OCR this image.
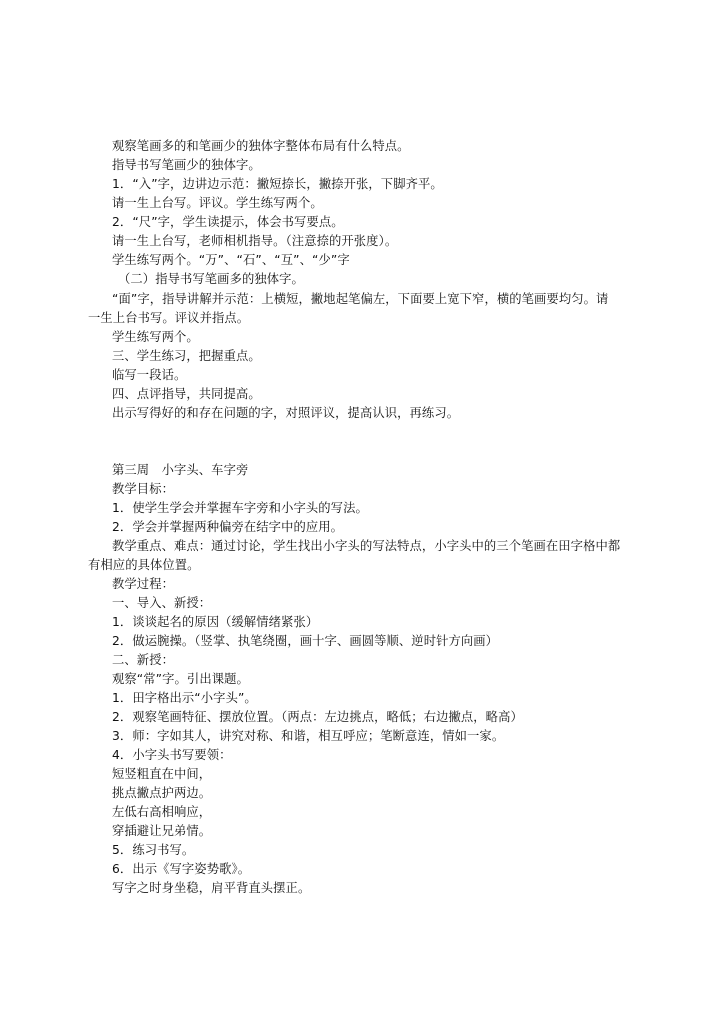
观察笔画多的和笔画少的独体字整体布局有什么特点。
指导书写笔画少的独体字。
1．“入”字，边讲边示范：撇短捺长，撇捺开张，下脚齐平。
请一生上台写。评议。学生练写两个。
2．“尺”字，学生读提示，体会书写要点。
请一生上台写，老师相机指导。（注意捺的开张度）。
学生练写两个。“万”、“石”、“互”、“少”字
（二）指导书写笔画多的独体字。
“面”字，指导讲解并示范：上横短，撇地起笔偏左，下面要上宽下窄，横的笔画要均匀。请
一生上台书写。评议并指点。
学生练写两个。
三、学生练习，把握重点。
临写一段话。
四、点评指导，共同提高。
出示写得好的和存在问题的字，对照评议，提高认识，再练习。
第三周　小字头、车字旁
教学目标：
1．使学生学会并掌握车字旁和小字头的写法。
2．学会并掌握两种偏旁在结字中的应用。
教学重点、难点：通过讨论，学生找出小字头的写法特点，小字头中的三个笔画在田字格中都
有相应的具体位置。
教学过程：
一、导入、新授：
1．谈谈起名的原因（缓解情绪紧张）
2．做运腕操。（竖掌、执笔绕圈，画十字、画圆等顺、逆时针方向画）
二、新授：
观察“常”字。引出课题。
1．田字格出示“小字头”。
2．观察笔画特征、摆放位置。（两点：左边挑点，略低；右边撇点，略高）
3．师：字如其人，讲究对称、和谐，相互呼应；笔断意连，情如一家。
4．小字头书写要领：
短竖粗直在中间，
挑点撇点护两边。
左低右高相响应，
穿插避让兄弟情。
5．练习书写。
6．出示《写字姿势歌》。
写字之时身坐稳，肩平背直头摆正。
